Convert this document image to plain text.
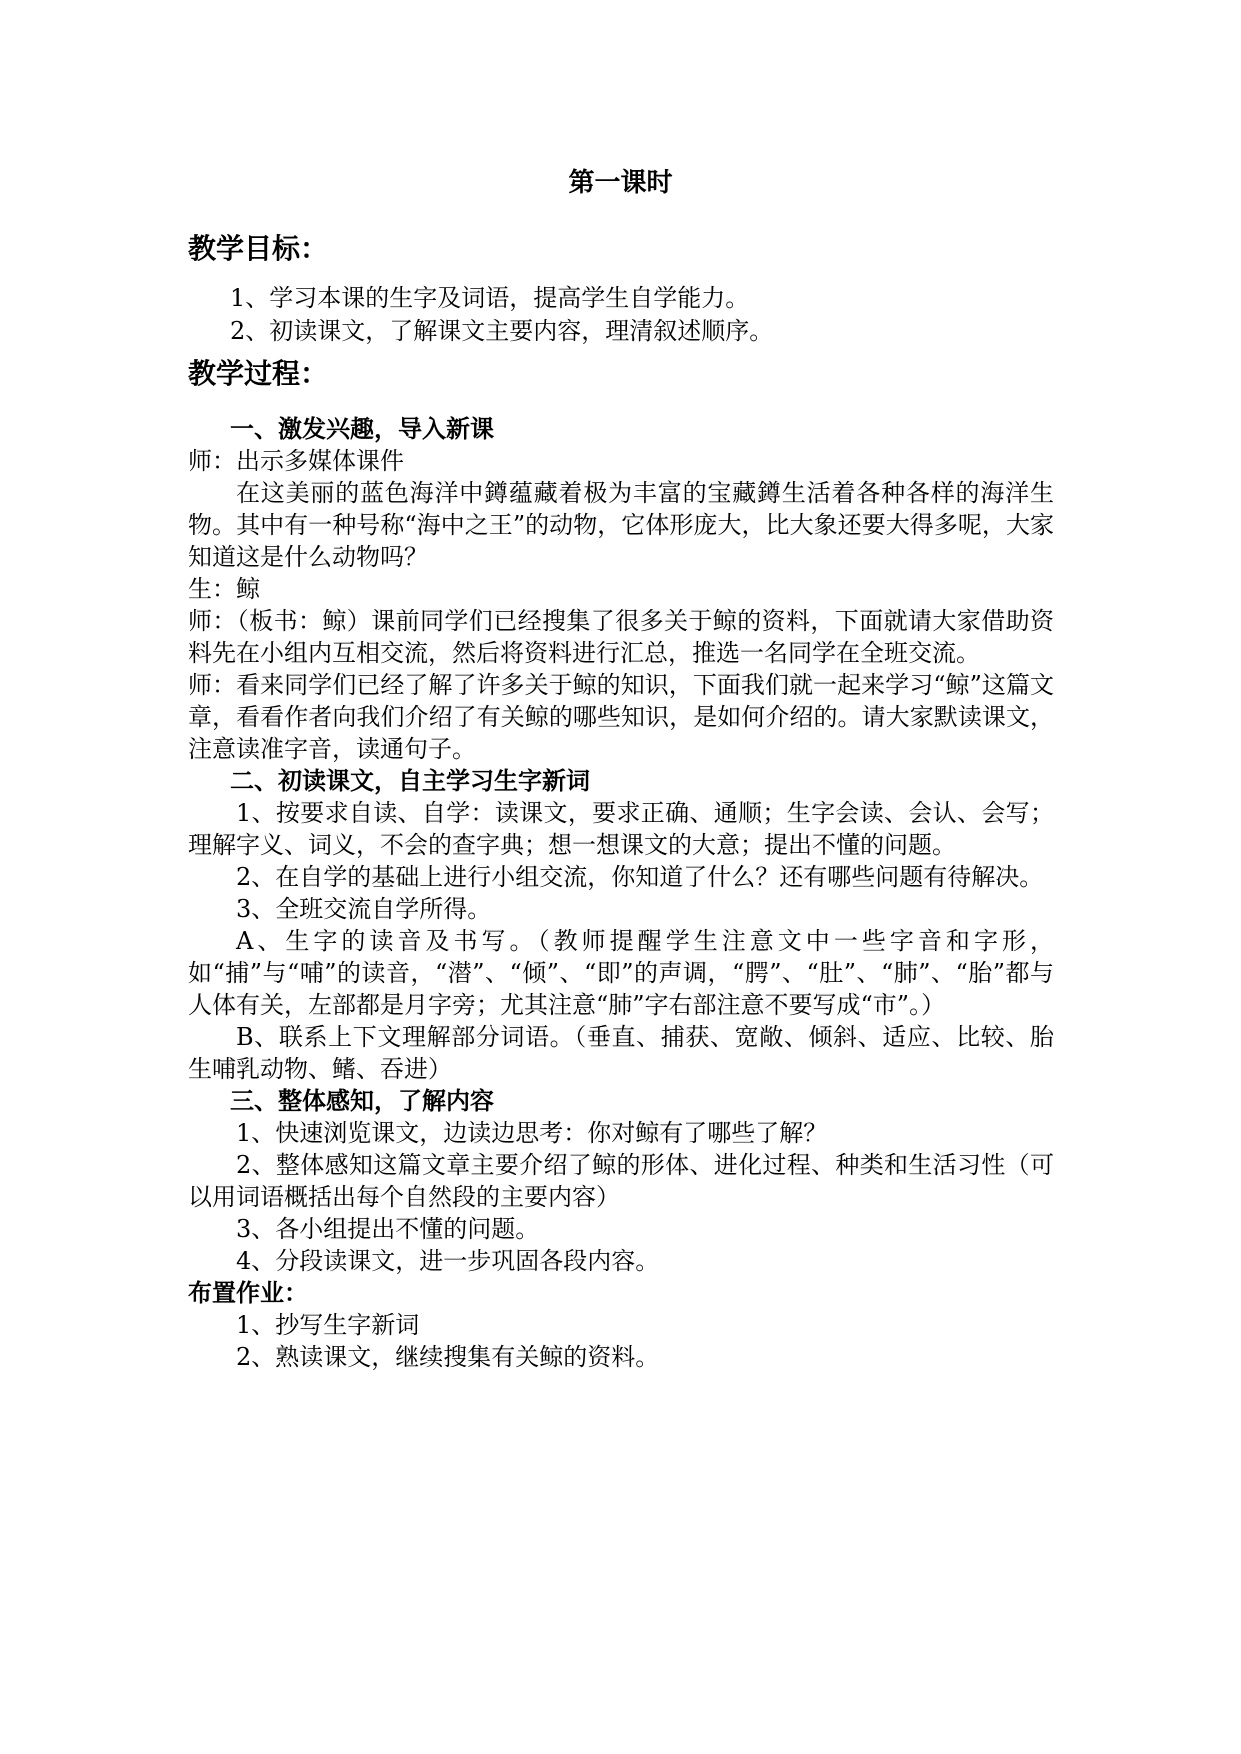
第一课时
教学目标：

1、学习本课的生字及词语，提高学生自学能力。

2、初读课文，了解课文主要内容，理清叙述顺序。

教学过程：

一、激发兴趣，导入新课

师：出示多媒体课件

在这美丽的蓝色海洋中鐏蕴藏着极为丰富的宝藏鐏生活着各种各样的海洋生物。其中有一种号称“海中之王”的动物，它体形庞大，比大象还要大得多呢，大家知道这是什么动物吗？

生：鲸

师：（板书：鲸）课前同学们已经搜集了很多关于鲸的资料，下面就请大家借助资料先在小组内互相交流，然后将资料进行汇总，推选一名同学在全班交流。

师：看来同学们已经了解了许多关于鲸的知识，下面我们就一起来学习“鲸”这篇文章，看看作者向我们介绍了有关鲸的哪些知识，是如何介绍的。请大家默读课文，注意读准字音，读通句子。

二、初读课文，自主学习生字新词

1、按要求自读、自学：读课文，要求正确、通顺；生字会读、会认、会写；理解字义、词义，不会的查字典；想一想课文的大意；提出不懂的问题。

2、在自学的基础上进行小组交流，你知道了什么？还有哪些问题有待解决。

3、全班交流自学所得。

A、生字的读音及书写。（教师提醒学生注意文中一些字音和字形，如“捕”与“哺”的读音，“潜”、“倾”、“即”的声调，“腭”、“肚”、“肺”、“胎”都与人体有关，左部都是月字旁；尤其注意“肺”字右部注意不要写成“市”。）

B、联系上下文理解部分词语。（垂直、捕获、宽敞、倾斜、适应、比较、胎生哺乳动物、鳍、吞进）

三、整体感知，了解内容

1、快速浏览课文，边读边思考：你对鲸有了哪些了解？

2、整体感知这篇文章主要介绍了鲸的形体、进化过程、种类和生活习性（可以用词语概括出每个自然段的主要内容）

3、各小组提出不懂的问题。

4、分段读课文，进一步巩固各段内容。

布置作业：

1、抄写生字新词

2、熟读课文，继续搜集有关鲸的资料。
